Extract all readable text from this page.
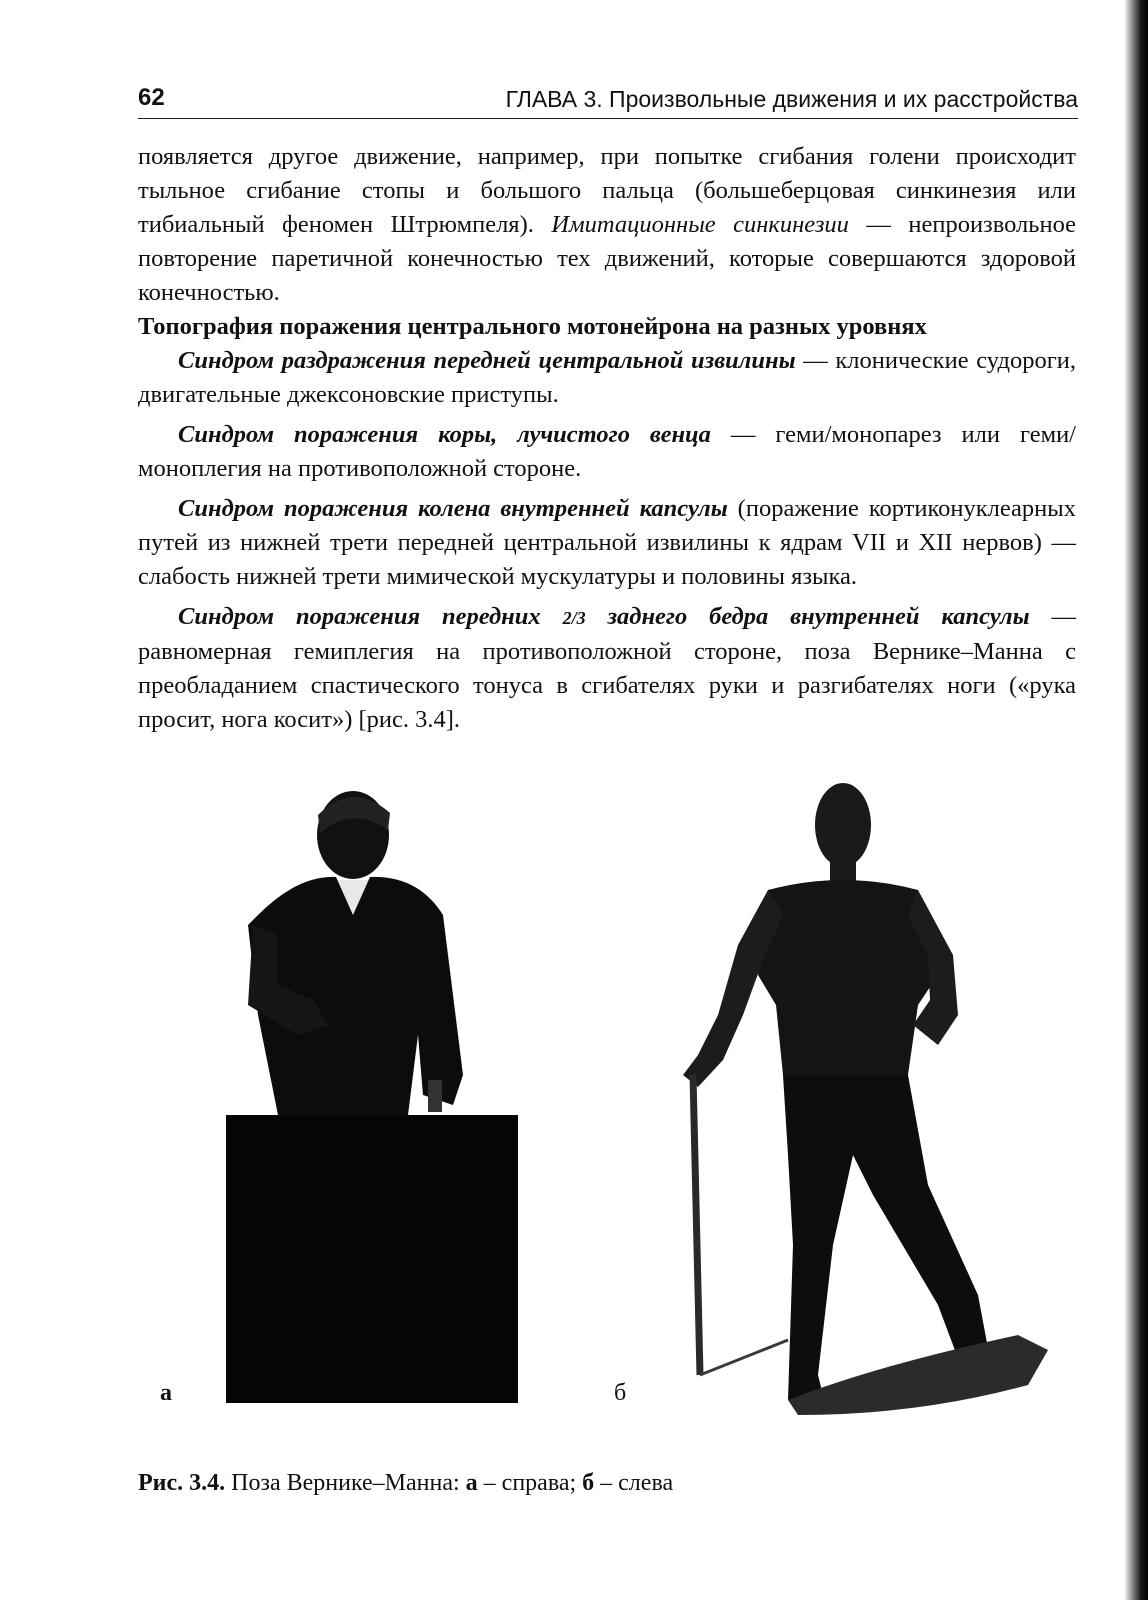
62	ГЛАВА 3. Произвольные движения и их расстройства

появляется другое движение, например, при попытке сгибания голени происходит тыльное сгибание стопы и большого пальца (большеберцовая синкинезия или тибиальный феномен Штрюмпеля). Имитационные синкинезии — непроизвольное повторение паретичной конечностью тех движений, которые совершаются здоровой конечностью.

Топография поражения центрального мотонейрона на разных уровнях

Синдром раздражения передней центральной извилины — клонические судороги, двигательные джексоновские приступы.

Синдром поражения коры, лучистого венца — геми/монопарез или геми/моноплегия на противоположной стороне.

Синдром поражения колена внутренней капсулы (поражение кортиконуклеарных путей из нижней трети передней центральной извилины к ядрам VII и XII нервов) — слабость нижней трети мимической мускулатуры и половины языка.

Синдром поражения передних 2/3 заднего бедра внутренней капсулы — равномерная гемиплегия на противоположной стороне, поза Вернике–Манна с преобладанием спастического тонуса в сгибателях руки и разгибателях ноги («рука просит, нога косит») [рис. 3.4].

а	б
Рис. 3.4. Поза Вернике–Манна: а – справа; б – слева
